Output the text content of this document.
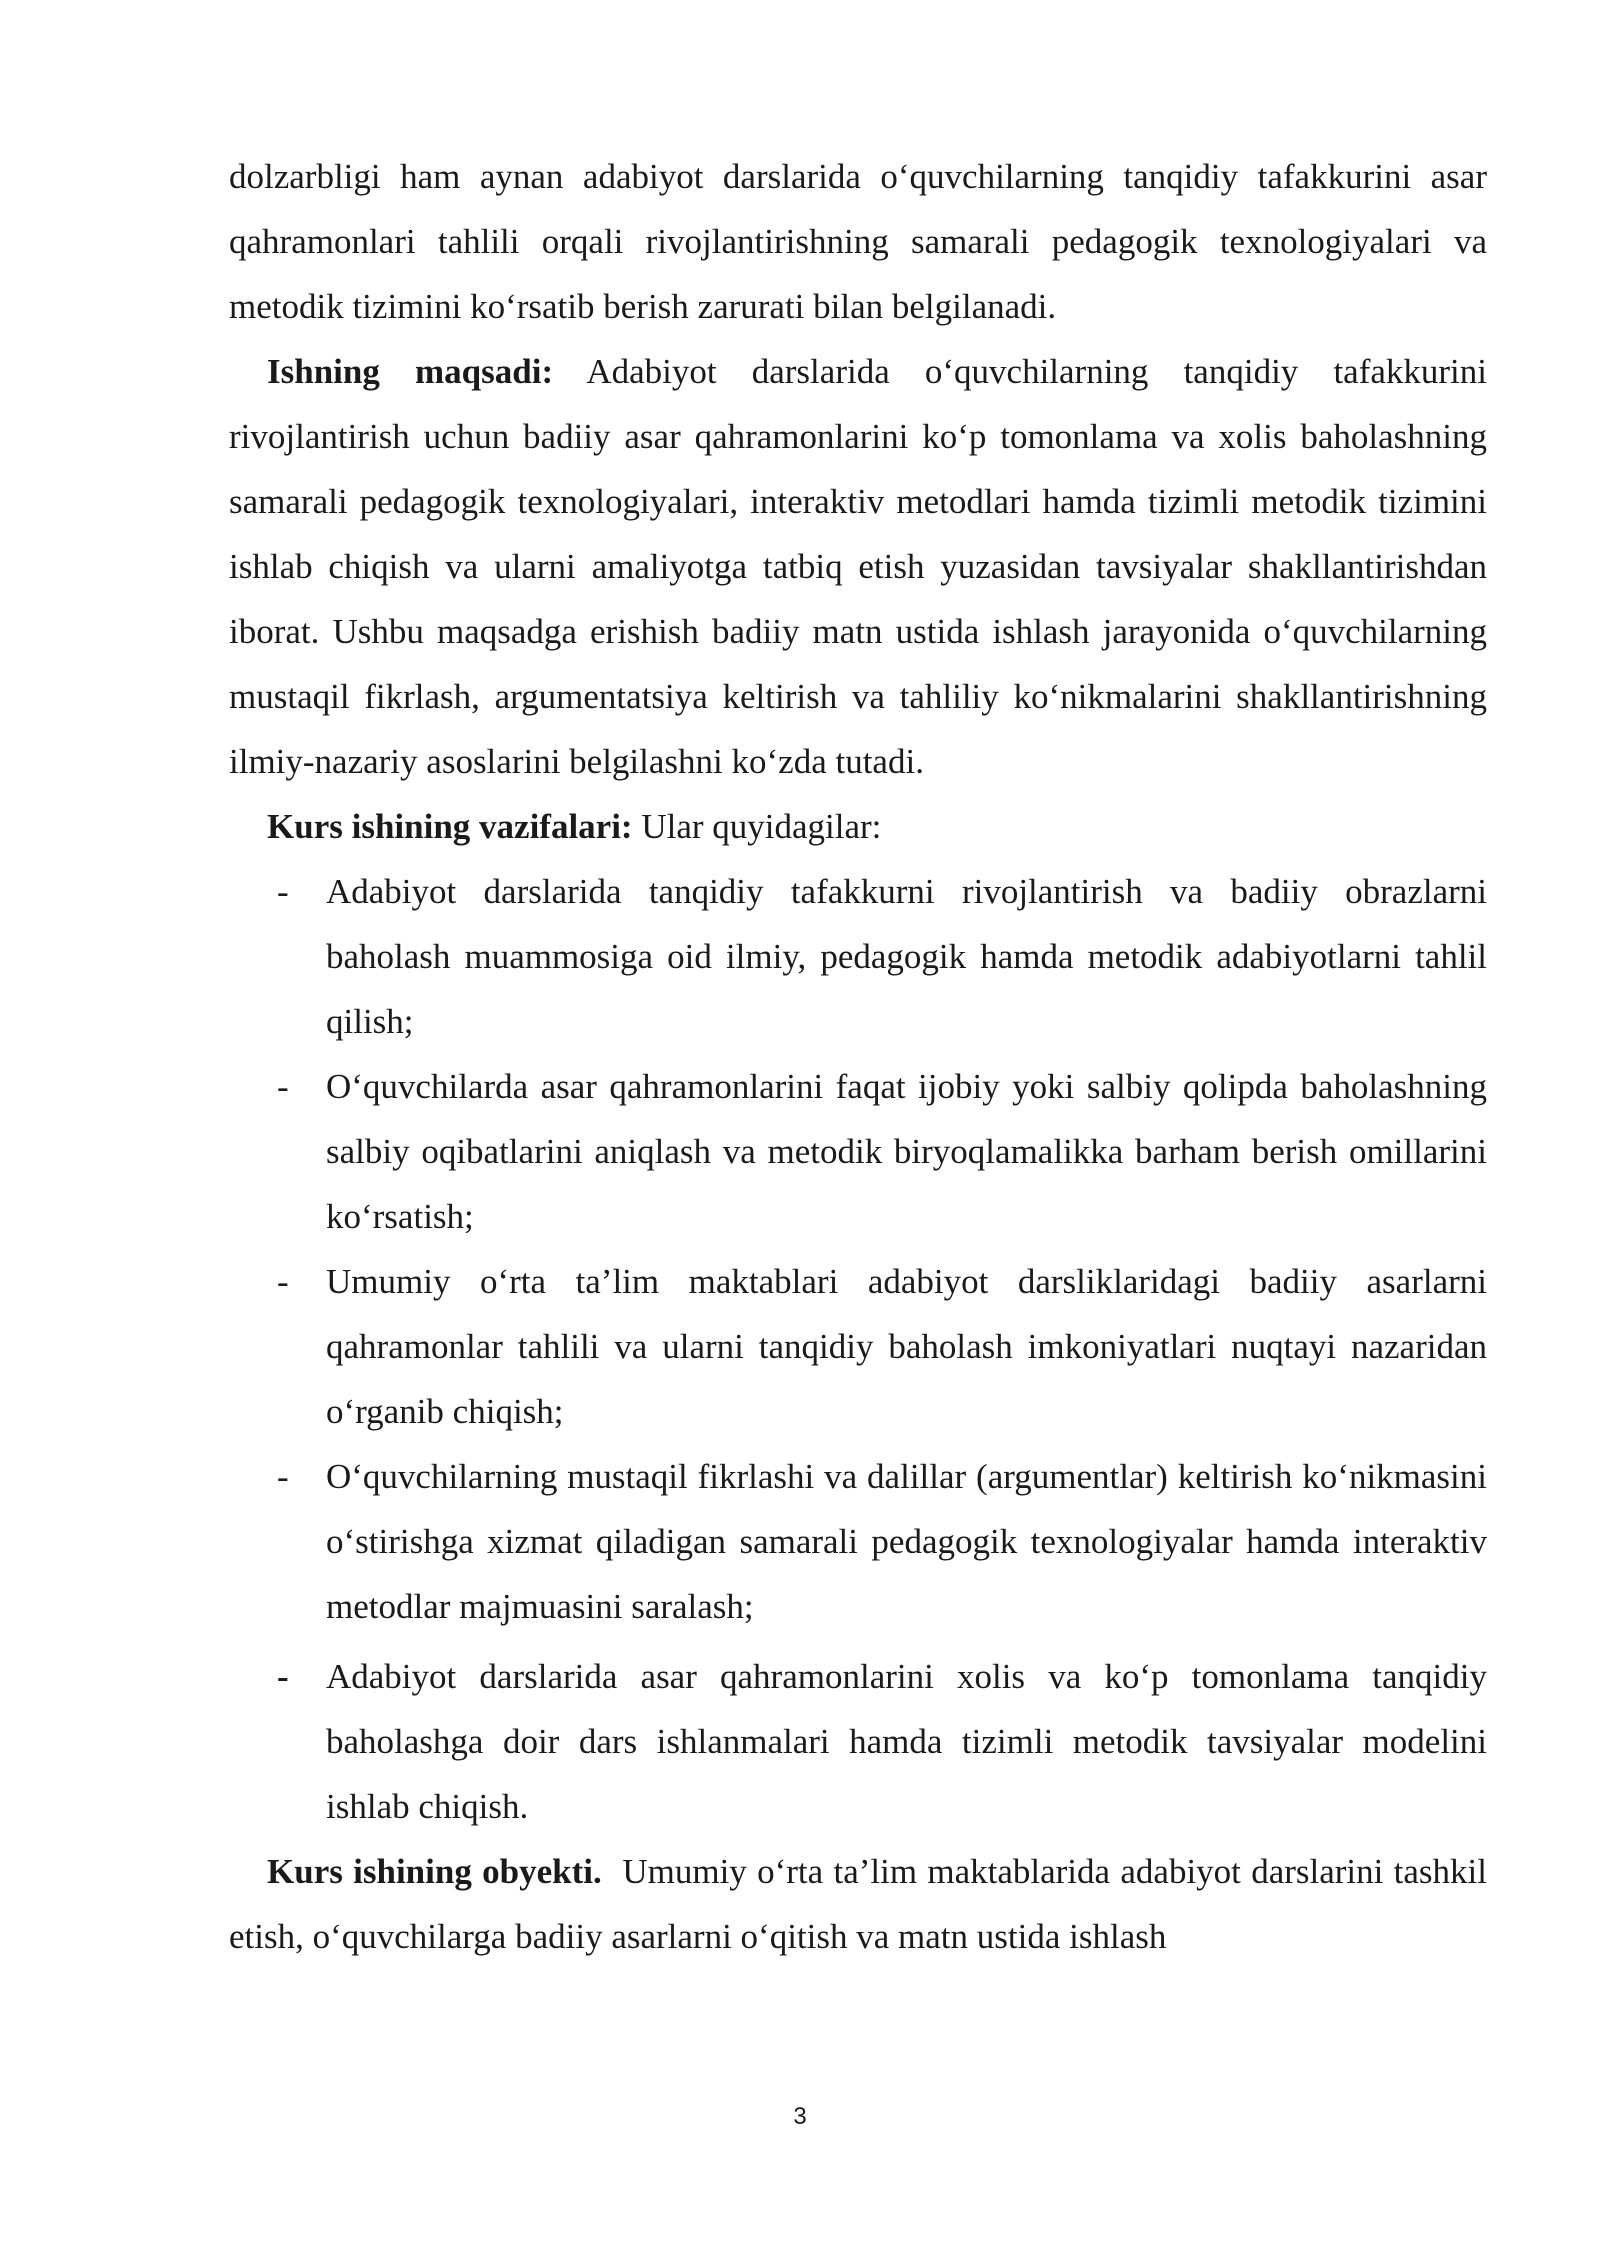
dolzarbligi ham aynan adabiyot darslarida o‘quvchilarning tanqidiy tafakkurini asar qahramonlari tahlili orqali rivojlantirishning samarali pedagogik texnologiyalari va metodik tizimini ko‘rsatib berish zarurati bilan belgilanadi.

Ishning maqsadi: Adabiyot darslarida o‘quvchilarning tanqidiy tafakkurini rivojlantirish uchun badiiy asar qahramonlarini ko‘p tomonlama va xolis baholashning samarali pedagogik texnologiyalari, interaktiv metodlari hamda tizimli metodik tizimini ishlab chiqish va ularni amaliyotga tatbiq etish yuzasidan tavsiyalar shakllantirishdan iborat. Ushbu maqsadga erishish badiiy matn ustida ishlash jarayonida o‘quvchilarning mustaqil fikrlash, argumentatsiya keltirish va tahliliy ko‘nikmalarini shakllantirishning ilmiy-nazariy asoslarini belgilashni ko‘zda tutadi.

Kurs ishining vazifalari: Ular quyidagilar:

- Adabiyot darslarida tanqidiy tafakkurni rivojlantirish va badiiy obrazlarni baholash muammosiga oid ilmiy, pedagogik hamda metodik adabiyotlarni tahlil qilish;
- O‘quvchilarda asar qahramonlarini faqat ijobiy yoki salbiy qolipda baholashning salbiy oqibatlarini aniqlash va metodik biryoqlamalikka barham berish omillarini ko‘rsatish;
- Umumiy o‘rta ta’lim maktablari adabiyot darsliklaridagi badiiy asarlarni qahramonlar tahlili va ularni tanqidiy baholash imkoniyatlari nuqtayi nazaridan o‘rganib chiqish;
- O‘quvchilarning mustaqil fikrlashi va dalillar (argumentlar) keltirish ko‘nikmasini o‘stirishga xizmat qiladigan samarali pedagogik texnologiyalar hamda interaktiv metodlar majmuasini saralash;
- Adabiyot darslarida asar qahramonlarini xolis va ko‘p tomonlama tanqidiy baholashga doir dars ishlanmalari hamda tizimli metodik tavsiyalar modelini ishlab chiqish.

Kurs ishining obyekti.  Umumiy o‘rta ta’lim maktablarida adabiyot darslarini tashkil etish, o‘quvchilarga badiiy asarlarni o‘qitish va matn ustida ishlash

3
